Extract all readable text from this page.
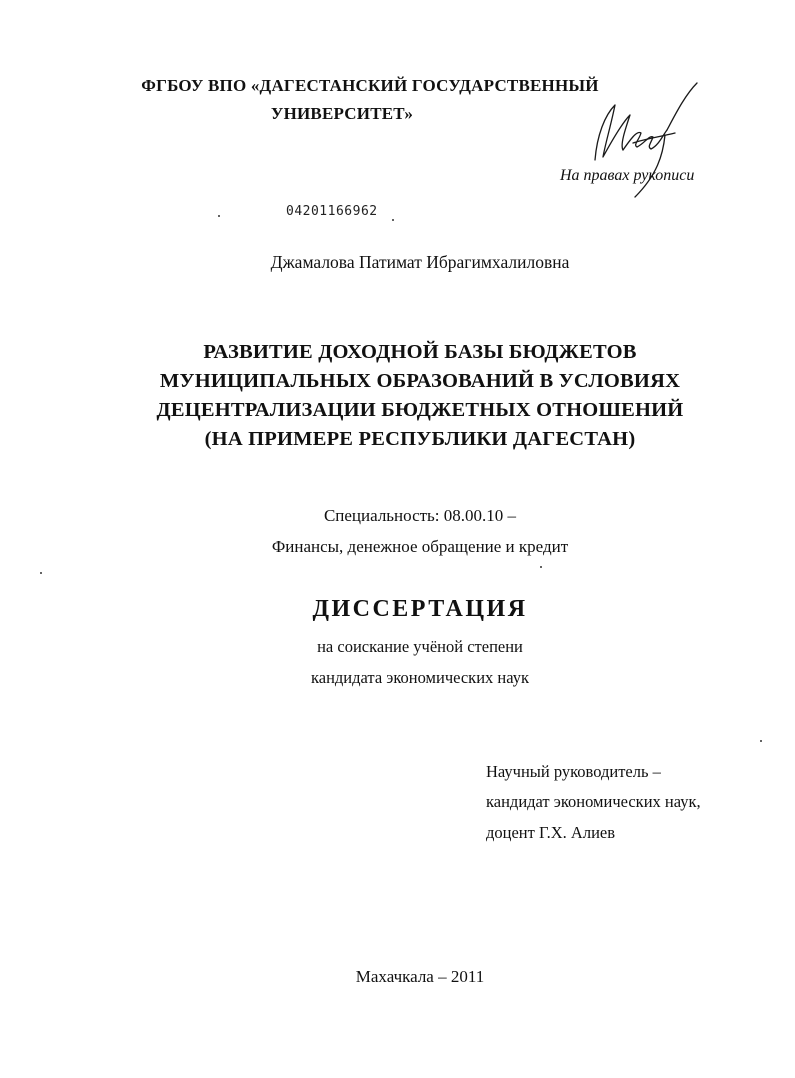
ФГБОУ ВПО «ДАГЕСТАНСКИЙ ГОСУДАРСТВЕННЫЙ
УНИВЕРСИТЕТ»
На правах рукописи
04201166962
Джамалова Патимат Ибрагимхалиловна
РАЗВИТИЕ ДОХОДНОЙ БАЗЫ БЮДЖЕТОВ
МУНИЦИПАЛЬНЫХ ОБРАЗОВАНИЙ В УСЛОВИЯХ
ДЕЦЕНТРАЛИЗАЦИИ БЮДЖЕТНЫХ ОТНОШЕНИЙ
(НА ПРИМЕРЕ РЕСПУБЛИКИ ДАГЕСТАН)
Специальность: 08.00.10 –
Финансы, денежное обращение и кредит
ДИССЕРТАЦИЯ
на соискание учёной степени
кандидата экономических наук
Научный руководитель –
кандидат экономических наук,
доцент Г.Х. Алиев
Махачкала – 2011
